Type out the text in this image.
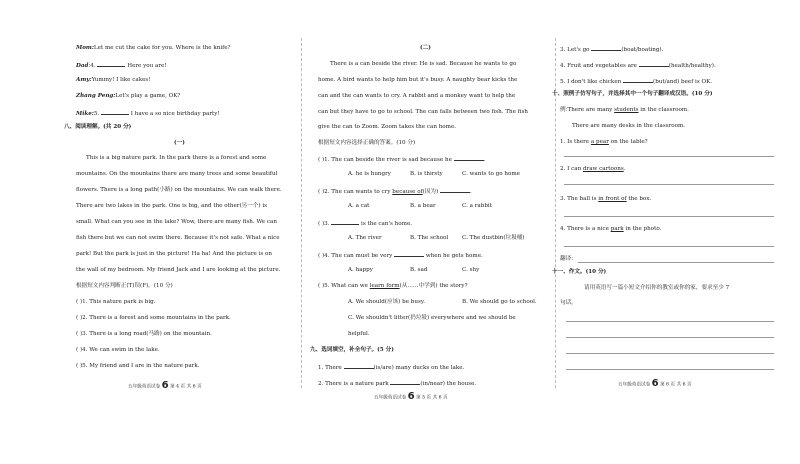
Mom:Let me cut the cake for you. Where is the knife?
Dad:4.	Here you are!
Amy:Yummy! I like cakes!
Zhang Peng:Let's play a game, OK?
Mike:5.	I have a so nice birthday party!
八、阅读理解。(共 20 分)
(一)
This is a big nature park. In the park there is a forest and some
mountains. On the mountains there are many trees and some beautiful
flowers. There is a long path(小路) on the mountains. We can walk there.
There are two lakes in the park. One is big, and the other(另一个) is
small. What can you see in the lake? Wow, there are many fish. We can
fish there but we can not swim there. Because it's not safe. What a nice
park! But the park is just in the picture! Ha ha! And the picture is on
the wall of my bedroom. My friend Jack and I are looking at the picture.
根据短文内容判断正(T)误(F)。(10 分)
( )1. This nature park is big.
( )2. There is a forest and some mountains in the park.
( )3. There is a long road(马路) on the mountain.
( )4. We can swim in the lake.
( )5. My friend and I are in the nature park.
五年级英语试卷 6 第 4 页 共 6 页
(二)
There is a can beside the river. He is sad. Because he wants to go
home. A bird wants to help him but it's busy. A naughty bear kicks the
can and the can wants to cry. A rabbit and a monkey want to help the
can but they have to go to school. The can falls between two fish. The fish
give the can to Zoom. Zoom takes the can home.
根据短文内容选择正确的答案。(10 分)
( )1. The can beside the river is sad because he	.
A. he is hungry	B. is thirsty	C. wants to go home
( )2. The can wants to cry because of(因为)	.
A. a cat	B. a bear	C. a rabbit
( )3.	is the can's home.
A. The river	B. The school C. The dustbin(垃圾桶)
( )4. The can must be very	when he gets home.
A. happy	B. sad	C. shy
( )5. What can we learn form(从……中学到) the story?
A. We should(应该) be busy.	B. We should go to school.
C. We shouldn't litter(扔垃圾) everywhere and we should be
helpful.
九、选词填空，补全句子。(5 分)
1. There	(is/are) many ducks on the lake.
2. There is a nature park	(in/near) the house.
五年级英语试卷 6 第 5 页 共 6 页
3. Let's go	(boat/boating).
4. Fruit and vegetables are	(health/healthy).
5. I don't like chicken	(but/and) beef is OK.
十、照例子仿写句子，并选择其中一个句子翻译成汉语。(10 分)
例:There are many students in the classroom.
There are many desks in the classroom.
1. Is there a pear on the table?
2. I can draw cartoons.
3. The ball is in front of the box.
4. There is a nice park in the photo.
翻译:
十一、作文。(10 分)
请用英语写一篇小短文介绍你的教室或你的家，要求至少 7
句话。
五年级英语试卷 6 第 6 页 共 6 页
